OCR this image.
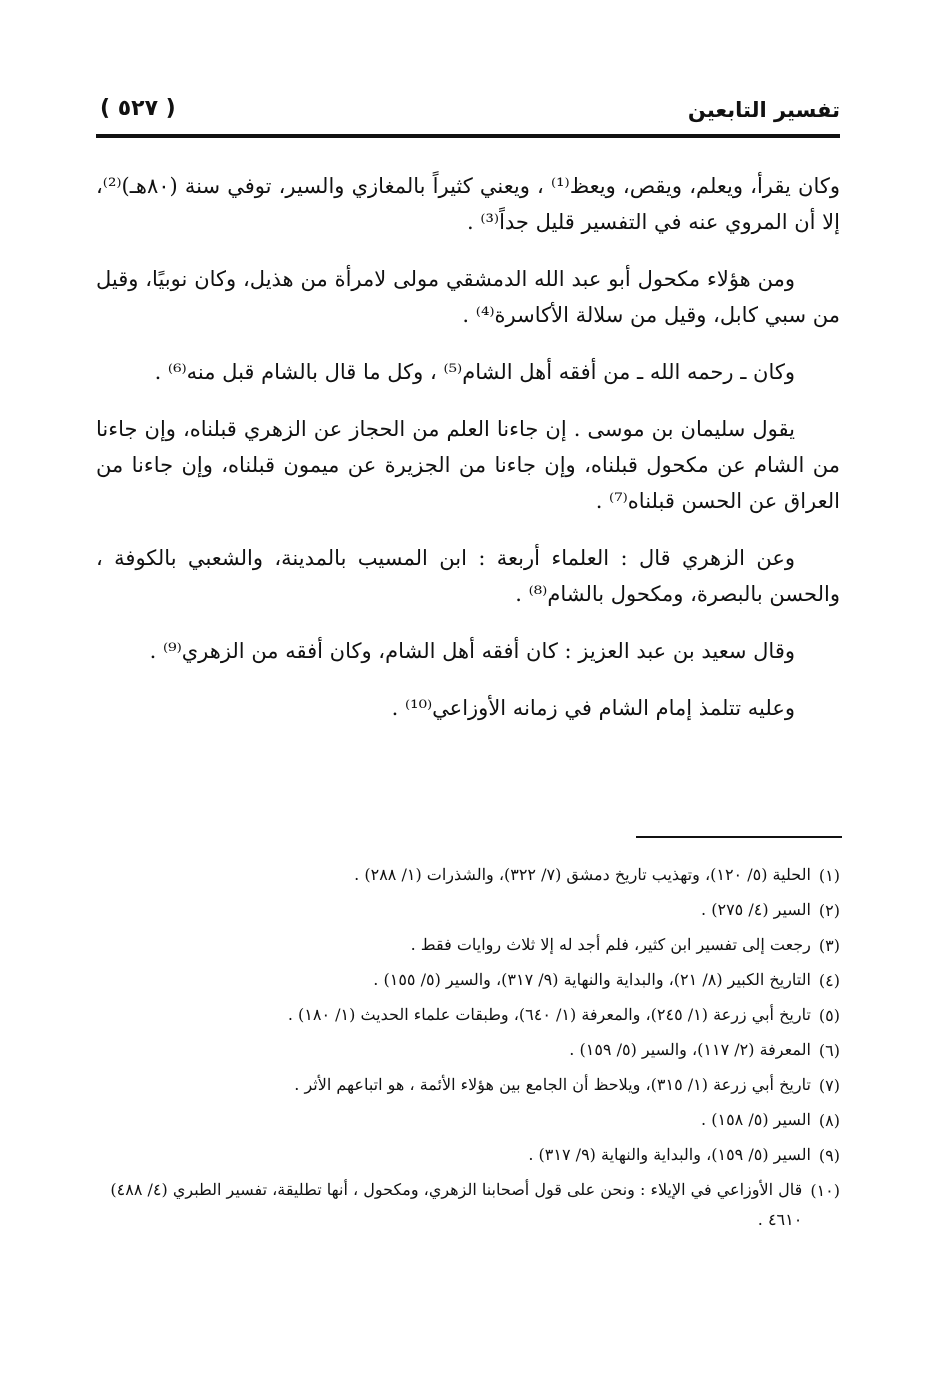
تفسير التابعين
( ٥٢٧ )

وكان يقرأ، ويعلم، ويقص، ويعظ⁽¹⁾ ، ويعني كثيراً بالمغازي والسير، توفي سنة (٨٠هـ)⁽²⁾، إلا أن المروي عنه في التفسير قليل جداً⁽³⁾ .

ومن هؤلاء مكحول أبو عبد الله الدمشقي مولى لامرأة من هذيل، وكان نوبيًا، وقيل من سبي كابل، وقيل من سلالة الأكاسرة⁽⁴⁾ .

وكان ـ رحمه الله ـ من أفقه أهل الشام⁽⁵⁾ ، وكل ما قال بالشام قبل منه⁽⁶⁾ .

يقول سليمان بن موسى . إن جاءنا العلم من الحجاز عن الزهري قبلناه، وإن جاءنا من الشام عن مكحول قبلناه، وإن جاءنا من الجزيرة عن ميمون قبلناه، وإن جاءنا من العراق عن الحسن قبلناه⁽⁷⁾ .

وعن الزهري قال : العلماء أربعة : ابن المسيب بالمدينة، والشعبي بالكوفة ، والحسن بالبصرة، ومكحول بالشام⁽⁸⁾ .

وقال سعيد بن عبد العزيز : كان أفقه أهل الشام، وكان أفقه من الزهري⁽⁹⁾ .

وعليه تتلمذ إمام الشام في زمانه الأوزاعي⁽¹⁰⁾ .

(١)
الحلية (٥/ ١٢٠)، وتهذيب تاريخ دمشق (٧/ ٣٢٢)، والشذرات (١/ ٢٨٨) .
(٢)
السير (٤/ ٢٧٥) .
(٣)
رجعت إلى تفسير ابن كثير، فلم أجد له إلا ثلاث روايات فقط .
(٤)
التاريخ الكبير (٨/ ٢١)، والبداية والنهاية (٩/ ٣١٧)، والسير (٥/ ١٥٥) .
(٥)
تاريخ أبي زرعة (١/ ٢٤٥)، والمعرفة (١/ ٦٤٠)، وطبقات علماء الحديث (١/ ١٨٠) .
(٦)
المعرفة (٢/ ١١٧)، والسير (٥/ ١٥٩) .
(٧)
تاريخ أبي زرعة (١/ ٣١٥)، ويلاحظ أن الجامع بين هؤلاء الأئمة ، هو اتباعهم الأثر .
(٨)
السير (٥/ ١٥٨) .
(٩)
السير (٥/ ١٥٩)، والبداية والنهاية (٩/ ٣١٧) .
(١٠)
قال الأوزاعي في الإيلاء : ونحن على قول أصحابنا الزهري، ومكحول ، أنها تطليقة، تفسير الطبري (٤/ ٤٨٨) ٤٦١٠ .
